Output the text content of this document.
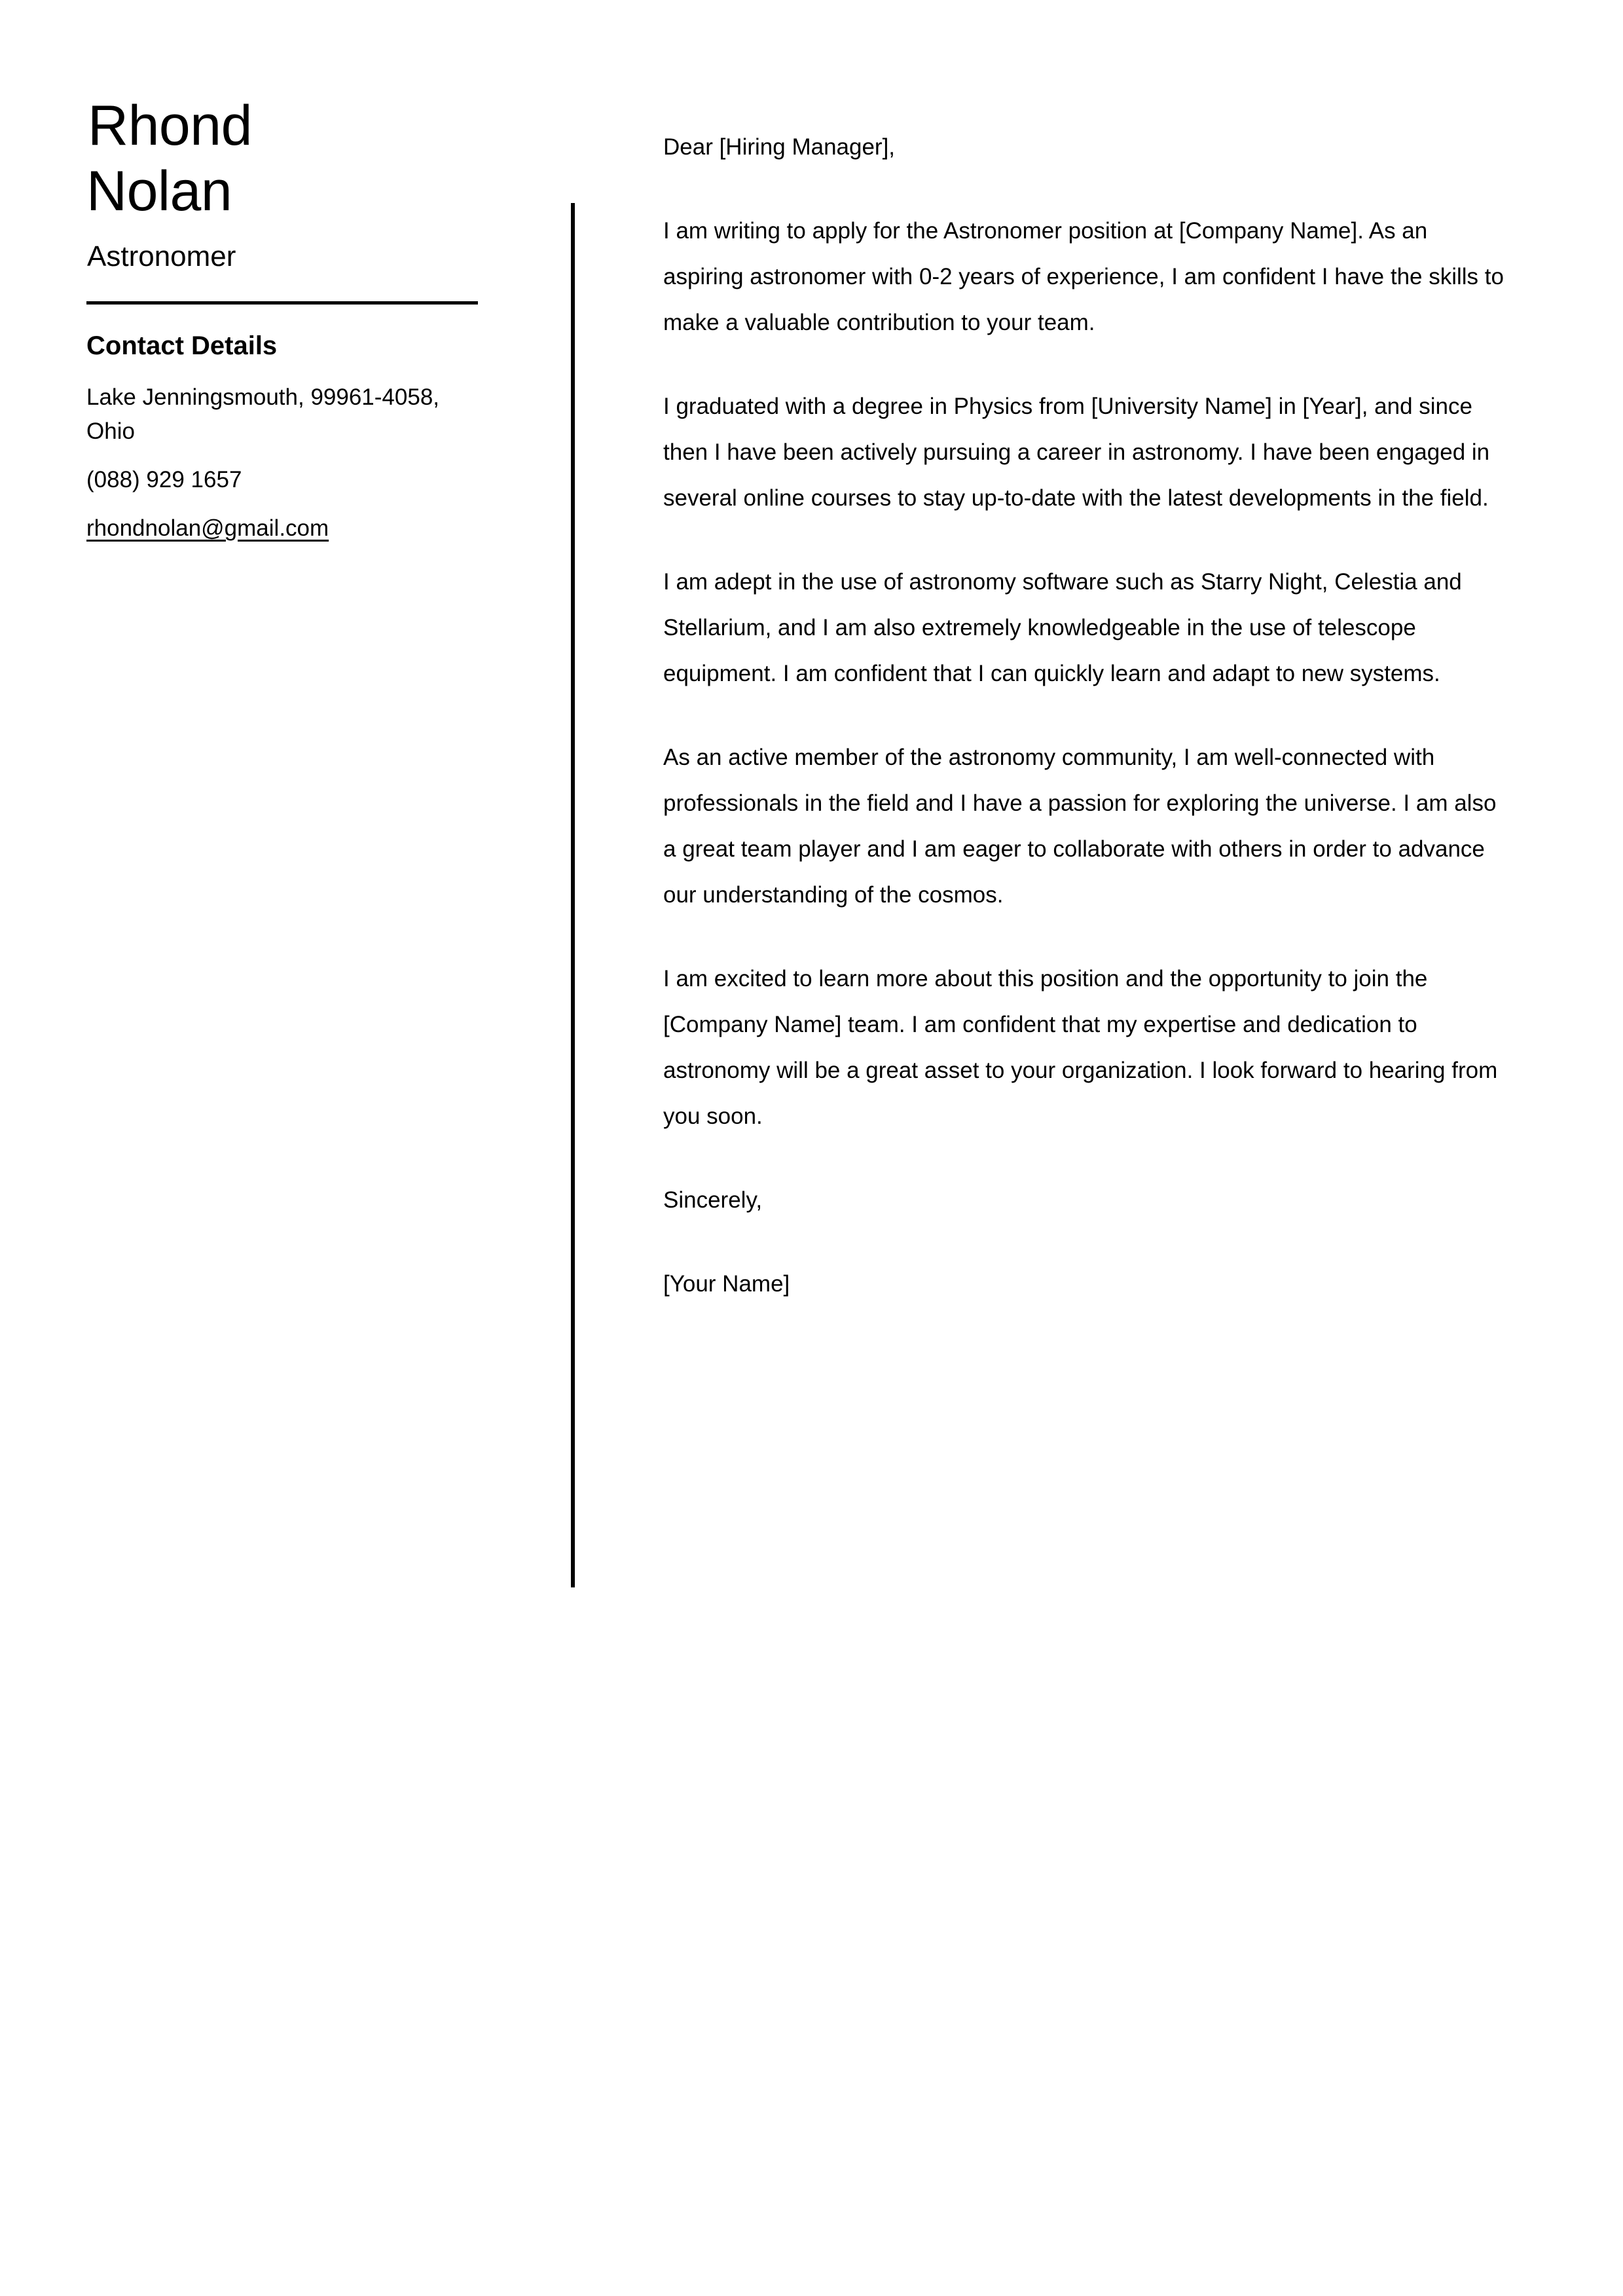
Rhond
Nolan
Astronomer
Contact Details
Lake Jenningsmouth, 99961-4058, Ohio
(088) 929 1657
rhondnolan@gmail.com

Dear [Hiring Manager],

I am writing to apply for the Astronomer position at [Company Name]. As an aspiring astronomer with 0-2 years of experience, I am confident I have the skills to make a valuable contribution to your team.

I graduated with a degree in Physics from [University Name] in [Year], and since then I have been actively pursuing a career in astronomy. I have been engaged in several online courses to stay up-to-date with the latest developments in the field.

I am adept in the use of astronomy software such as Starry Night, Celestia and Stellarium, and I am also extremely knowledgeable in the use of telescope equipment. I am confident that I can quickly learn and adapt to new systems.

As an active member of the astronomy community, I am well-connected with professionals in the field and I have a passion for exploring the universe. I am also a great team player and I am eager to collaborate with others in order to advance our understanding of the cosmos.

I am excited to learn more about this position and the opportunity to join the [Company Name] team. I am confident that my expertise and dedication to astronomy will be a great asset to your organization. I look forward to hearing from you soon.

Sincerely,

[Your Name]
